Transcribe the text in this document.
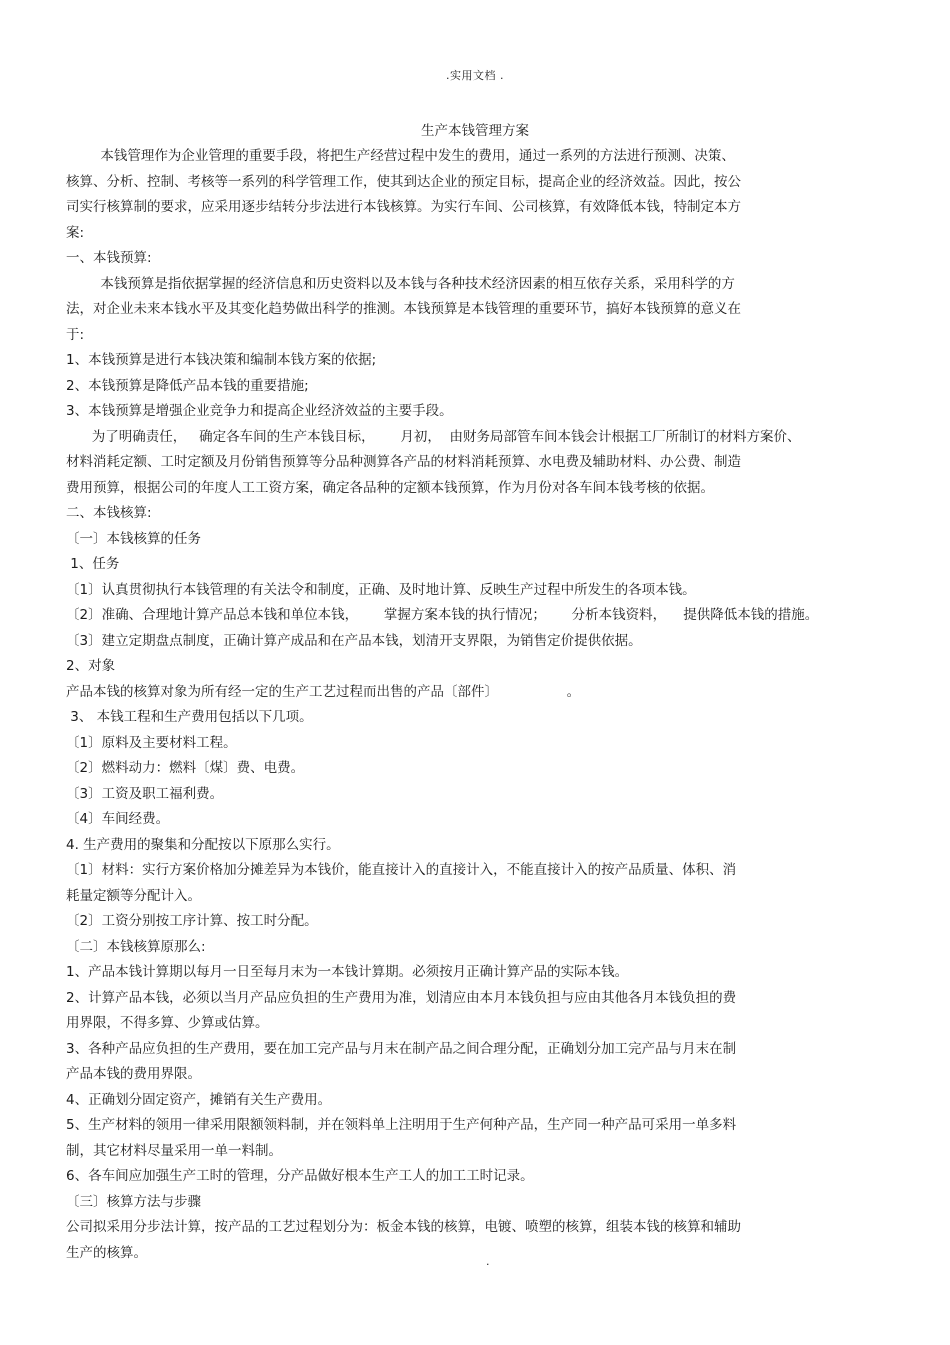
.实用文档 .
生产本钱管理方案
本钱管理作为企业管理的重要手段，将把生产经营过程中发生的费用，通过一系列的方法进行预测、决策、
核算、分析、控制、考核等一系列的科学管理工作，使其到达企业的预定目标，提高企业的经济效益。因此，按公
司实行核算制的要求，应采用逐步结转分步法进行本钱核算。为实行车间、公司核算，有效降低本钱，特制定本方
案:
一、本钱预算:
本钱预算是指依据掌握的经济信息和历史资料以及本钱与各种技术经济因素的相互依存关系，采用科学的方
法，对企业未来本钱水平及其变化趋势做出科学的推测。本钱预算是本钱管理的重要环节，搞好本钱预算的意义在
于:
1、本钱预算是进行本钱决策和编制本钱方案的依据;
2、本钱预算是降低产品本钱的重要措施;
3、本钱预算是增强企业竞争力和提高企业经济效益的主要手段。
为了明确责任，   确定各车间的生产本钱目标，      月初，  由财务局部管车间本钱会计根据工厂所制订的材料方案价、
材料消耗定额、工时定额及月份销售预算等分品种测算各产品的材料消耗预算、水电费及辅助材料、办公费、制造
费用预算，根据公司的年度人工工资方案，确定各品种的定额本钱预算，作为月份对各车间本钱考核的依据。
二、本钱核算:
〔一〕本钱核算的任务
1、任务
〔1〕认真贯彻执行本钱管理的有关法令和制度，正确、及时地计算、反映生产过程中所发生的各项本钱。
〔2〕准确、合理地计算产品总本钱和单位本钱，      掌握方案本钱的执行情况；      分析本钱资料，    提供降低本钱的措施。
〔3〕建立定期盘点制度，正确计算产成品和在产品本钱，划清开支界限，为销售定价提供依据。
2、对象
产品本钱的核算对象为所有经一定的生产工艺过程而出售的产品〔部件〕                。
3、 本钱工程和生产费用包括以下几项。
〔1〕原料及主要材料工程。
〔2〕燃料动力：燃料〔煤〕费、电费。
〔3〕工资及职工福利费。
〔4〕车间经费。
4. 生产费用的聚集和分配按以下原那么实行。
〔1〕材料：实行方案价格加分摊差异为本钱价，能直接计入的直接计入，不能直接计入的按产品质量、体积、消
耗量定额等分配计入。
〔2〕工资分别按工序计算、按工时分配。
〔二〕本钱核算原那么:
1、产品本钱计算期以每月一日至每月末为一本钱计算期。必须按月正确计算产品的实际本钱。
2、计算产品本钱，必须以当月产品应负担的生产费用为准，划清应由本月本钱负担与应由其他各月本钱负担的费
用界限，不得多算、少算或估算。
3、各种产品应负担的生产费用，要在加工完产品与月末在制产品之间合理分配，正确划分加工完产品与月末在制
产品本钱的费用界限。
4、正确划分固定资产，摊销有关生产费用。
5、生产材料的领用一律采用限额领料制，并在领料单上注明用于生产何种产品，生产同一种产品可采用一单多料
制，其它材料尽量采用一单一料制。
6、各车间应加强生产工时的管理，分产品做好根本生产工人的加工工时记录。
〔三〕核算方法与步骤
公司拟采用分步法计算，按产品的工艺过程划分为：板金本钱的核算，电镀、喷塑的核算，组装本钱的核算和辅助
生产的核算。
.
